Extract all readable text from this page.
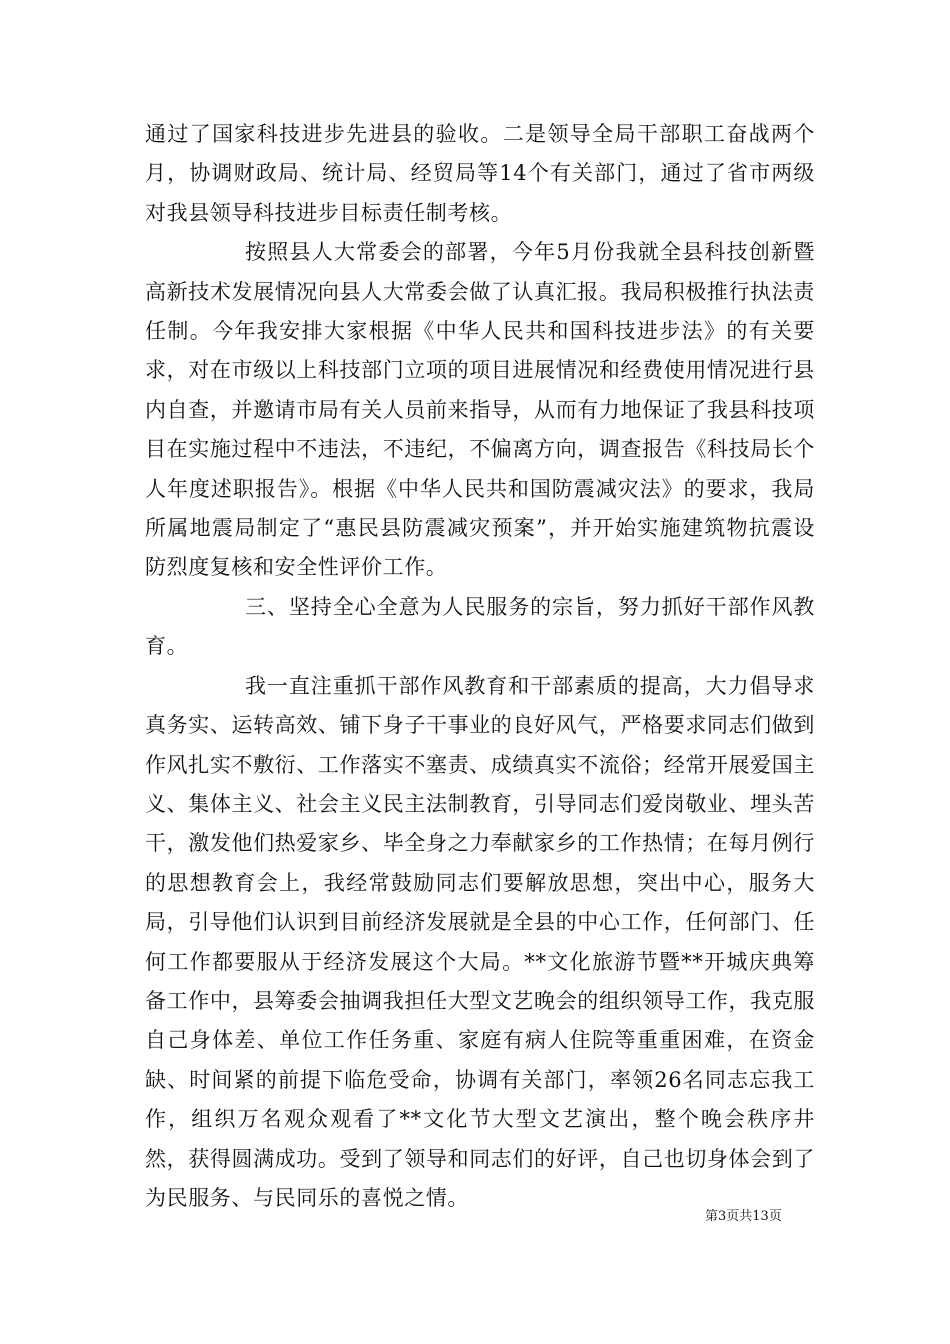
通过了国家科技进步先进县的验收。二是领导全局干部职工奋战两个月，协调财政局、统计局、经贸局等14个有关部门，通过了省市两级对我县领导科技进步目标责任制考核。

按照县人大常委会的部署，今年5月份我就全县科技创新暨高新技术发展情况向县人大常委会做了认真汇报。我局积极推行执法责任制。今年我安排大家根据《中华人民共和国科技进步法》的有关要求，对在市级以上科技部门立项的项目进展情况和经费使用情况进行县内自查，并邀请市局有关人员前来指导，从而有力地保证了我县科技项目在实施过程中不违法，不违纪，不偏离方向，调查报告《科技局长个人年度述职报告》。根据《中华人民共和国防震减灾法》的要求，我局所属地震局制定了“惠民县防震减灾预案”，并开始实施建筑物抗震设防烈度复核和安全性评价工作。

三、坚持全心全意为人民服务的宗旨，努力抓好干部作风教育。

我一直注重抓干部作风教育和干部素质的提高，大力倡导求真务实、运转高效、铺下身子干事业的良好风气，严格要求同志们做到作风扎实不敷衍、工作落实不塞责、成绩真实不流俗；经常开展爱国主义、集体主义、社会主义民主法制教育，引导同志们爱岗敬业、埋头苦干，激发他们热爱家乡、毕全身之力奉献家乡的工作热情；在每月例行的思想教育会上，我经常鼓励同志们要解放思想，突出中心，服务大局，引导他们认识到目前经济发展就是全县的中心工作，任何部门、任何工作都要服从于经济发展这个大局。**文化旅游节暨**开城庆典筹备工作中，县筹委会抽调我担任大型文艺晚会的组织领导工作，我克服自己身体差、单位工作任务重、家庭有病人住院等重重困难，在资金缺、时间紧的前提下临危受命，协调有关部门，率领26名同志忘我工作，组织万名观众观看了**文化节大型文艺演出，整个晚会秩序井然，获得圆满成功。受到了领导和同志们的好评，自己也切身体会到了为民服务、与民同乐的喜悦之情。

第3页共13页
